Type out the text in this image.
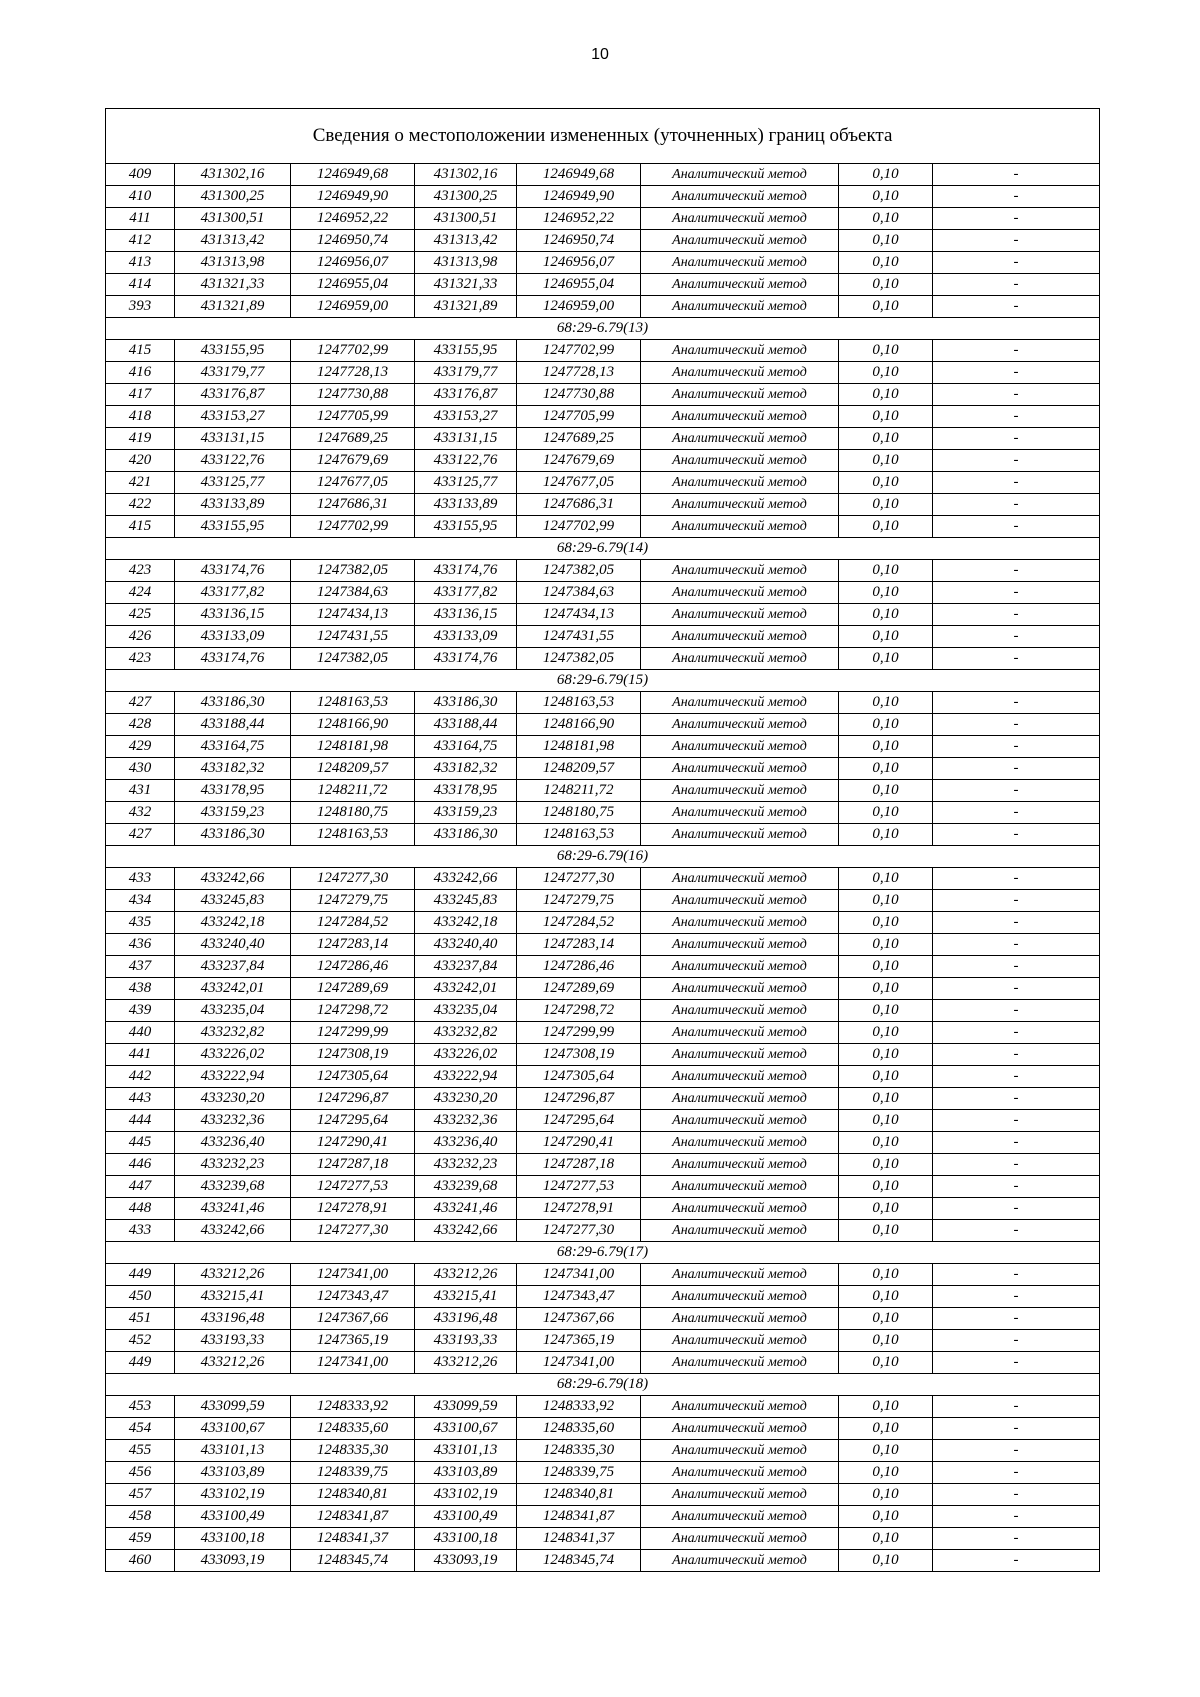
10
Сведения о местоположении измененных (уточненных) границ объекта							
409	431302,16	1246949,68	431302,16	1246949,68	Аналитический метод	0,10	-
410	431300,25	1246949,90	431300,25	1246949,90	Аналитический метод	0,10	-
411	431300,51	1246952,22	431300,51	1246952,22	Аналитический метод	0,10	-
412	431313,42	1246950,74	431313,42	1246950,74	Аналитический метод	0,10	-
413	431313,98	1246956,07	431313,98	1246956,07	Аналитический метод	0,10	-
414	431321,33	1246955,04	431321,33	1246955,04	Аналитический метод	0,10	-
393	431321,89	1246959,00	431321,89	1246959,00	Аналитический метод	0,10	-
68:29-6.79(13)							
415	433155,95	1247702,99	433155,95	1247702,99	Аналитический метод	0,10	-
416	433179,77	1247728,13	433179,77	1247728,13	Аналитический метод	0,10	-
417	433176,87	1247730,88	433176,87	1247730,88	Аналитический метод	0,10	-
418	433153,27	1247705,99	433153,27	1247705,99	Аналитический метод	0,10	-
419	433131,15	1247689,25	433131,15	1247689,25	Аналитический метод	0,10	-
420	433122,76	1247679,69	433122,76	1247679,69	Аналитический метод	0,10	-
421	433125,77	1247677,05	433125,77	1247677,05	Аналитический метод	0,10	-
422	433133,89	1247686,31	433133,89	1247686,31	Аналитический метод	0,10	-
415	433155,95	1247702,99	433155,95	1247702,99	Аналитический метод	0,10	-
68:29-6.79(14)							
423	433174,76	1247382,05	433174,76	1247382,05	Аналитический метод	0,10	-
424	433177,82	1247384,63	433177,82	1247384,63	Аналитический метод	0,10	-
425	433136,15	1247434,13	433136,15	1247434,13	Аналитический метод	0,10	-
426	433133,09	1247431,55	433133,09	1247431,55	Аналитический метод	0,10	-
423	433174,76	1247382,05	433174,76	1247382,05	Аналитический метод	0,10	-
68:29-6.79(15)							
427	433186,30	1248163,53	433186,30	1248163,53	Аналитический метод	0,10	-
428	433188,44	1248166,90	433188,44	1248166,90	Аналитический метод	0,10	-
429	433164,75	1248181,98	433164,75	1248181,98	Аналитический метод	0,10	-
430	433182,32	1248209,57	433182,32	1248209,57	Аналитический метод	0,10	-
431	433178,95	1248211,72	433178,95	1248211,72	Аналитический метод	0,10	-
432	433159,23	1248180,75	433159,23	1248180,75	Аналитический метод	0,10	-
427	433186,30	1248163,53	433186,30	1248163,53	Аналитический метод	0,10	-
68:29-6.79(16)							
433	433242,66	1247277,30	433242,66	1247277,30	Аналитический метод	0,10	-
434	433245,83	1247279,75	433245,83	1247279,75	Аналитический метод	0,10	-
435	433242,18	1247284,52	433242,18	1247284,52	Аналитический метод	0,10	-
436	433240,40	1247283,14	433240,40	1247283,14	Аналитический метод	0,10	-
437	433237,84	1247286,46	433237,84	1247286,46	Аналитический метод	0,10	-
438	433242,01	1247289,69	433242,01	1247289,69	Аналитический метод	0,10	-
439	433235,04	1247298,72	433235,04	1247298,72	Аналитический метод	0,10	-
440	433232,82	1247299,99	433232,82	1247299,99	Аналитический метод	0,10	-
441	433226,02	1247308,19	433226,02	1247308,19	Аналитический метод	0,10	-
442	433222,94	1247305,64	433222,94	1247305,64	Аналитический метод	0,10	-
443	433230,20	1247296,87	433230,20	1247296,87	Аналитический метод	0,10	-
444	433232,36	1247295,64	433232,36	1247295,64	Аналитический метод	0,10	-
445	433236,40	1247290,41	433236,40	1247290,41	Аналитический метод	0,10	-
446	433232,23	1247287,18	433232,23	1247287,18	Аналитический метод	0,10	-
447	433239,68	1247277,53	433239,68	1247277,53	Аналитический метод	0,10	-
448	433241,46	1247278,91	433241,46	1247278,91	Аналитический метод	0,10	-
433	433242,66	1247277,30	433242,66	1247277,30	Аналитический метод	0,10	-
68:29-6.79(17)							
449	433212,26	1247341,00	433212,26	1247341,00	Аналитический метод	0,10	-
450	433215,41	1247343,47	433215,41	1247343,47	Аналитический метод	0,10	-
451	433196,48	1247367,66	433196,48	1247367,66	Аналитический метод	0,10	-
452	433193,33	1247365,19	433193,33	1247365,19	Аналитический метод	0,10	-
449	433212,26	1247341,00	433212,26	1247341,00	Аналитический метод	0,10	-
68:29-6.79(18)							
453	433099,59	1248333,92	433099,59	1248333,92	Аналитический метод	0,10	-
454	433100,67	1248335,60	433100,67	1248335,60	Аналитический метод	0,10	-
455	433101,13	1248335,30	433101,13	1248335,30	Аналитический метод	0,10	-
456	433103,89	1248339,75	433103,89	1248339,75	Аналитический метод	0,10	-
457	433102,19	1248340,81	433102,19	1248340,81	Аналитический метод	0,10	-
458	433100,49	1248341,87	433100,49	1248341,87	Аналитический метод	0,10	-
459	433100,18	1248341,37	433100,18	1248341,37	Аналитический метод	0,10	-
460	433093,19	1248345,74	433093,19	1248345,74	Аналитический метод	0,10	-
